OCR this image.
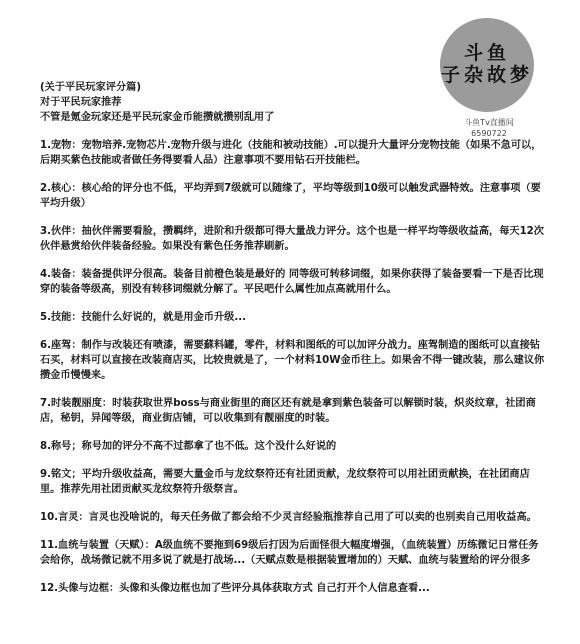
斗鱼
子杂故梦
斗鱼Tv直播间
6590722
(关于平民玩家评分篇)
对于平民玩家推荐
不管是氪金玩家还是平民玩家金币能攒就攒别乱用了

1.宠物：宠物培养.宠物芯片.宠物升级与进化（技能和被动技能）.可以提升大量评分宠物技能（如果不急可以，后期买紫色技能或者做任务得要看人品）注意事项不要用钻石开技能栏。

2.核心：核心给的评分也不低，平均弄到7级就可以随缘了，平均等级到10级可以触发武器特效。注意事项（要平均升级）

3.伙伴：抽伙伴需要看脸，攒羁绊，进阶和升级都可得大量战力评分。这个也是一样平均等级收益高，每天12次伙伴悬赏给伙伴装备经验。如果没有紫色任务推荐刷新。

4.装备：装备提供评分很高。装备目前橙色装是最好的 同等级可转移词缀，如果你获得了装备要看一下是否比现穿的装备等级高，别没有转移词缀就分解了。平民吧什么属性加点高就用什么。

5.技能：技能什么好说的，就是用金币升级...

6.座驾：制作与改装还有喷漆，需要蘇料罐，零件，材料和图纸的可以加评分战力。座驾制造的图纸可以直接钻石买，材料可以直接在改装商店买，比较贵就是了，一个材料10W金币往上。如果舍不得一键改装，那么建议你攒金币慢慢来。

7.时装靓丽度：时装获取世界boss与商业街里的商区还有就是拿到紫色装备可以解锁时装，炽炎纹章，社团商店，秘钥，异闻等级，商业街店铺，可以收集到有靓丽度的时装。

8.称号；称号加的评分不高不过都拿了也不低。这个没什么好说的

9.铭文；平均升级收益高，需要大量金币与龙纹祭符还有社团贡献，龙纹祭符可以用社团贡献换，在社团商店里。推荐先用社团贡献买龙纹祭符升级祭言。

10.言灵：言灵也没啥说的，每天任务做了都会给不少灵言经验瓶推荐自己用了可以卖的也别卖自己用收益高。

11.血统与装置（天赋）：A级血统不要拖到69级后打因为后面怪很大幅度增强，（血统装置）历练微记日常任务会给你，战场微记就不用多说了就是打战场...（天赋点数是根据装置增加的）天赋、血统与装置给的评分很多

12.头像与边框：头像和头像边框也加了些评分具体获取方式 自己打开个人信息查看...
